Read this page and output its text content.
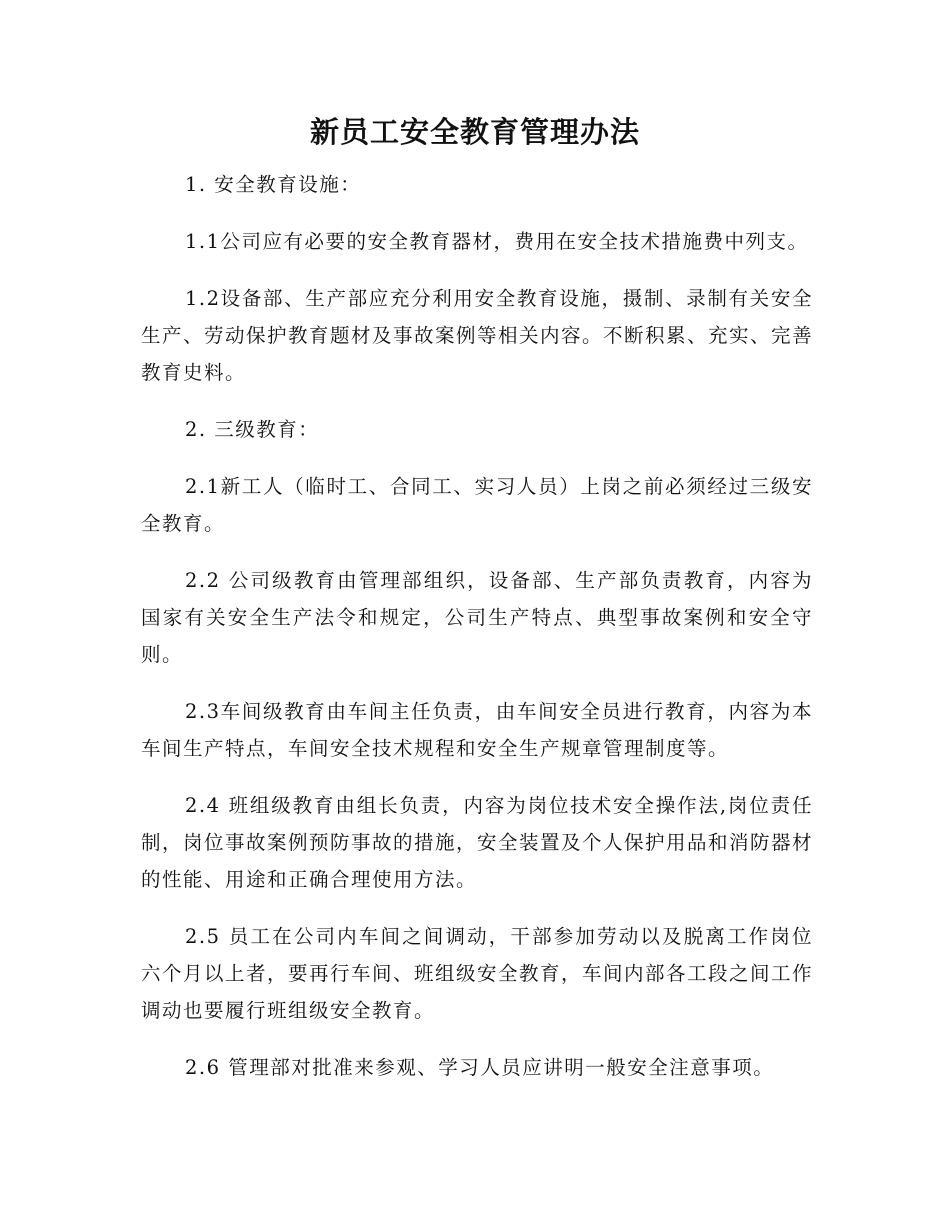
新员工安全教育管理办法

1. 安全教育设施：

1.1公司应有必要的安全教育器材，费用在安全技术措施费中列支。

1.2设备部、生产部应充分利用安全教育设施，摄制、录制有关安全生产、劳动保护教育题材及事故案例等相关内容。不断积累、充实、完善教育史料。

2. 三级教育：

2.1新工人（临时工、合同工、实习人员）上岗之前必须经过三级安全教育。

2.2 公司级教育由管理部组织，设备部、生产部负责教育，内容为国家有关安全生产法令和规定，公司生产特点、典型事故案例和安全守则。

2.3车间级教育由车间主任负责，由车间安全员进行教育，内容为本车间生产特点，车间安全技术规程和安全生产规章管理制度等。

2.4 班组级教育由组长负责，内容为岗位技术安全操作法,岗位责任制，岗位事故案例预防事故的措施，安全装置及个人保护用品和消防器材的性能、用途和正确合理使用方法。

2.5 员工在公司内车间之间调动，干部参加劳动以及脱离工作岗位六个月以上者，要再行车间、班组级安全教育，车间内部各工段之间工作调动也要履行班组级安全教育。

2.6 管理部对批准来参观、学习人员应讲明一般安全注意事项。
